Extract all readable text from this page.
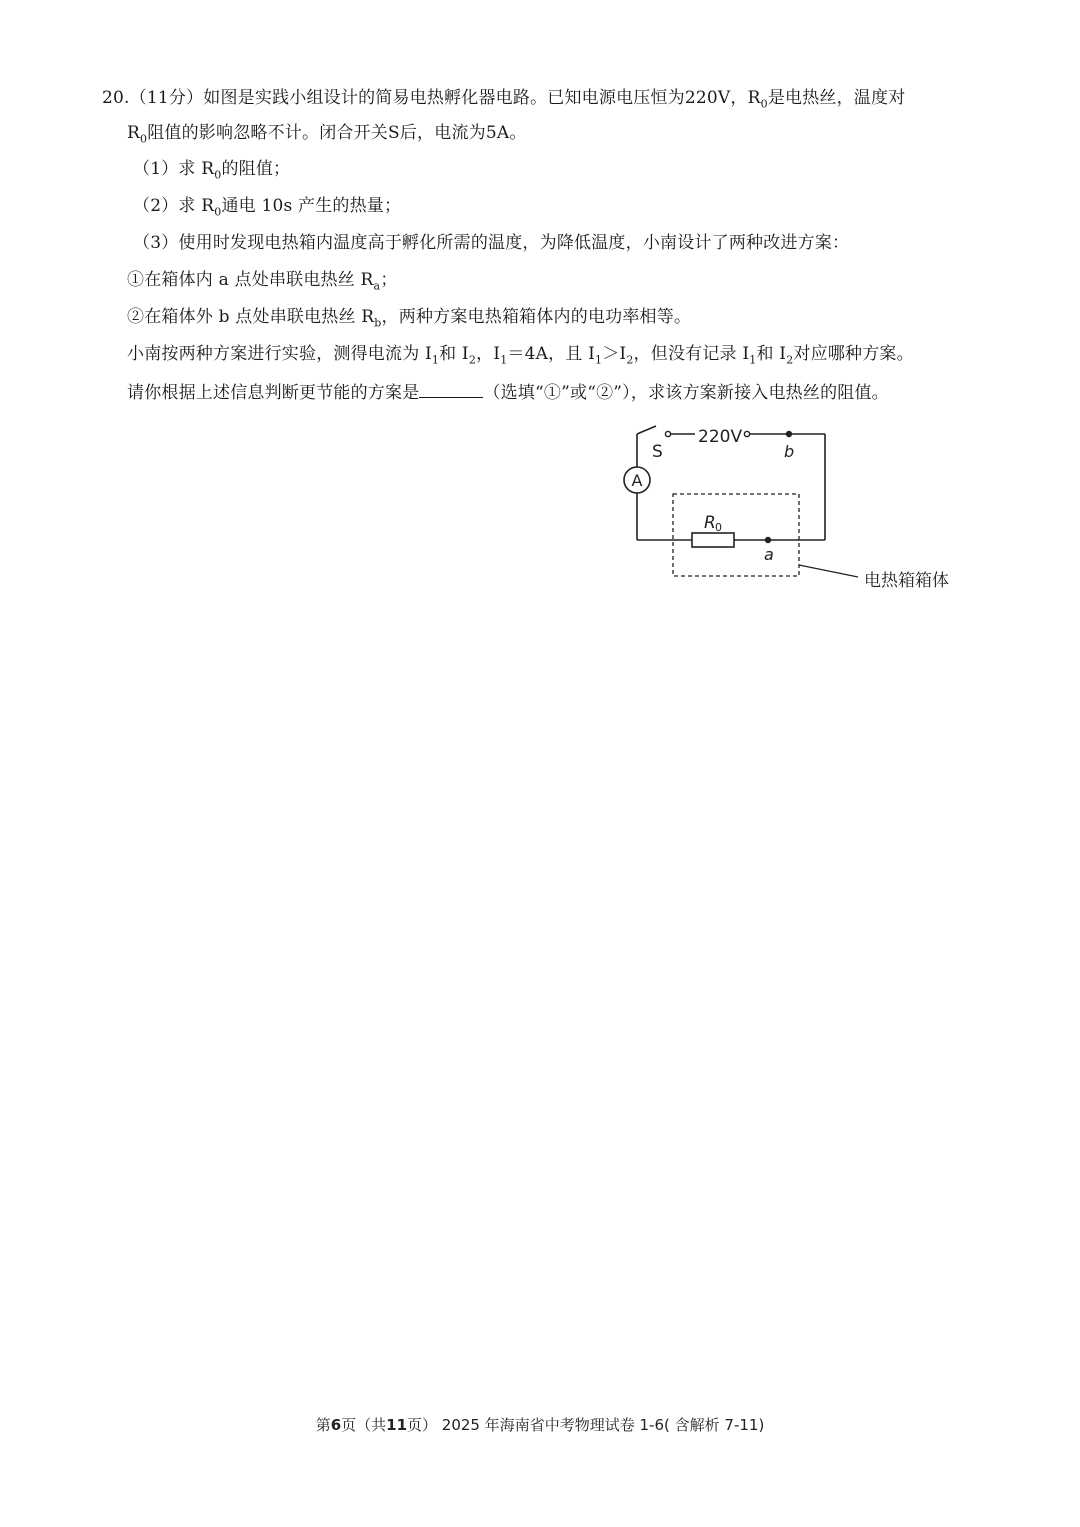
20.（11分）如图是实践小组设计的简易电热孵化器电路。已知电源电压恒为220V，$R_0$是电热丝，温度对
$R_0$阻值的影响忽略不计。闭合开关S后，电流为5A。
（1）求 $R_0$的阻值；
（2）求 $R_0$通电 10s 产生的热量；
（3）使用时发现电热箱内温度高于孵化所需的温度，为降低温度，小南设计了两种改进方案：
①在箱体内 a 点处串联电热丝 $R_a$；
②在箱体外 b 点处串联电热丝 $R_b$，两种方案电热箱箱体内的电功率相等。
小南按两种方案进行实验，测得电流为 $I_1$和 $I_2$，$I_1=4A$，且 $I_1>I_2$，但没有记录 $I_1$和 $I_2$对应哪种方案。
请你根据上述信息判断更节能的方案是	（选填“①”或“②”），求该方案新接入电热丝的阻值。
A
R 0
S
220V
b
a
电热箱箱体
第6页（共11页） 2025 年海南省中考物理试卷 1-6( 含解析 7-11)
